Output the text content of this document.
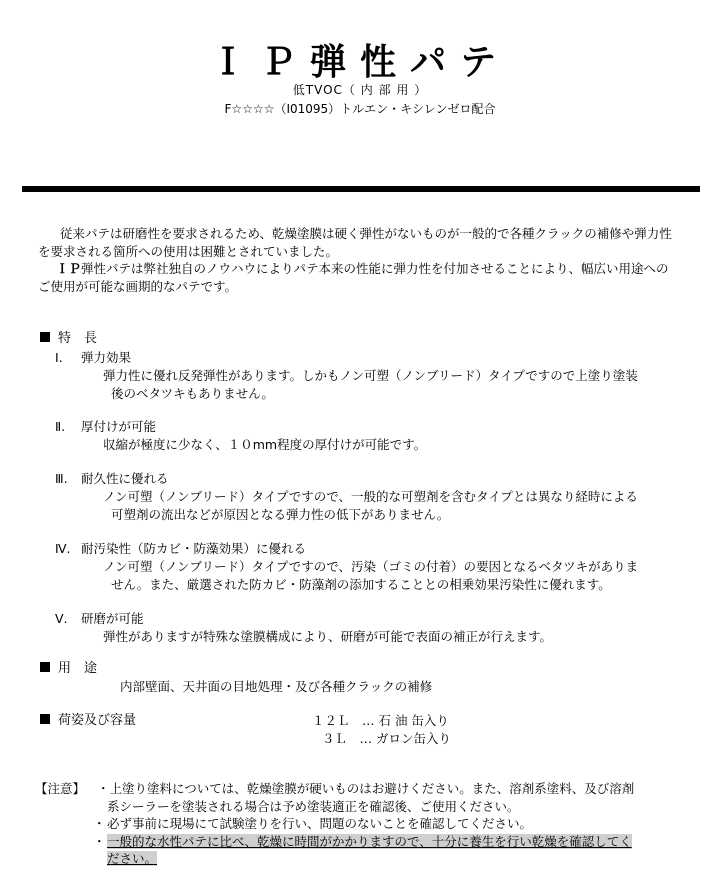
ＩＰ弾性パテ
低TVOC（ 内 部 用 ）
F☆☆☆☆（I01095）トルエン・キシレンゼロ配合

従来パテは研磨性を要求されるため、乾燥塗膜は硬く弾性がないものが一般的で各種クラックの補修や弾力性を要求される箇所への使用は困難とされていました。

ＩＰ弾性パテは弊社独自のノウハウによりパテ本来の性能に弾力性を付加させることにより、幅広い用途へのご使用が可能な画期的なパテです。

特　長
Ⅰ.	弾力効果
弾力性に優れ反発弾性があります。しかもノン可塑（ノンブリード）タイプですので上塗り塗装
後のベタツキもありません。
Ⅱ.	厚付けが可能
収縮が極度に少なく、１０mm程度の厚付けが可能です。
Ⅲ.	耐久性に優れる
ノン可塑（ノンブリード）タイプですので、一般的な可塑剤を含むタイプとは異なり経時による
可塑剤の流出などが原因となる弾力性の低下がありません。
Ⅳ. 耐汚染性（防カビ・防藻効果）に優れる
ノン可塑（ノンブリード）タイプですので、汚染（ゴミの付着）の要因となるベタツキがありま
せん。また、厳選された防カビ・防藻剤の添加することとの相乗効果汚染性に優れます。
Ⅴ.	研磨が可能
弾性がありますが特殊な塗膜構成により、研磨が可能で表面の補正が行えます。
用　途
内部壁面、天井面の目地処理・及び各種クラックの補修
荷姿及び容量	１２Ｌ　… 石 油 缶入り
３Ｌ　… ガロン缶入り
【注意】 ・上塗り塗料については、乾燥塗膜が硬いものはお避けください。また、溶剤系塗料、及び溶剤
系シーラーを塗装される場合は予め塗装適正を確認後、ご使用ください。
・ 必ず事前に現場にて試験塗りを行い、問題のないことを確認してください。
・ 一般的な水性パテに比べ、乾燥に時間がかかりますので、十分に養生を行い乾燥を確認してく
ださい。
